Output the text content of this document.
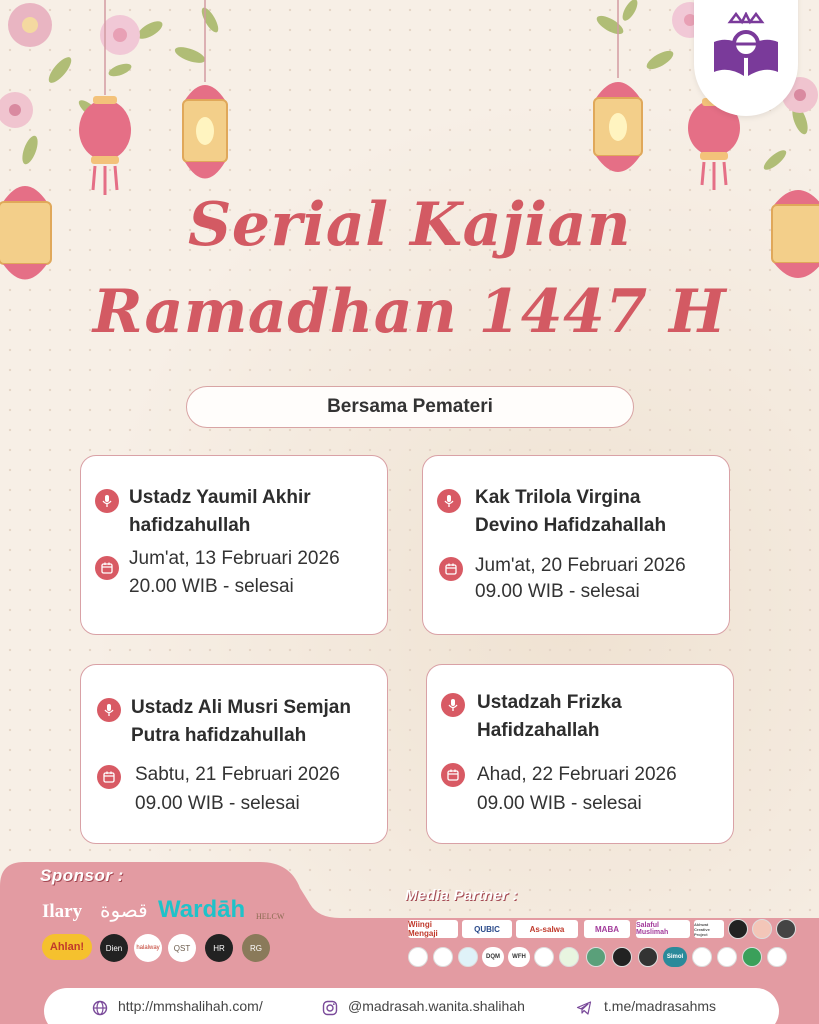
Serial Kajian
Ramadhan 1447 H
Bersama Pemateri
Ustadz Yaumil Akhir
hafidzahullah
Jum'at, 13 Februari 2026
20.00 WIB - selesai
Kak Trilola Virgina
Devino Hafidzahallah
Jum'at, 20 Februari 2026
09.00 WIB - selesai
Ustadz Ali Musri Semjan
Putra hafidzahullah
Sabtu, 21 Februari 2026
09.00 WIB - selesai
Ustadzah Frizka
Hafidzahallah
Ahad, 22 Februari 2026
09.00 WIB - selesai
Sponsor :
Ilary قصوة Wardāh HELCW
Ahlan!	Dien	halalway	QST	HR	RG
Media Partner :
Wiingi Mengaji	QUBIC	As-salwa	MABA	Salaful Muslimah
Akhwat Creative Project
DQM	WFH	Simol
http://mmshalihah.com/	@madrasah.wanita.shalihah	t.me/madrasahms
